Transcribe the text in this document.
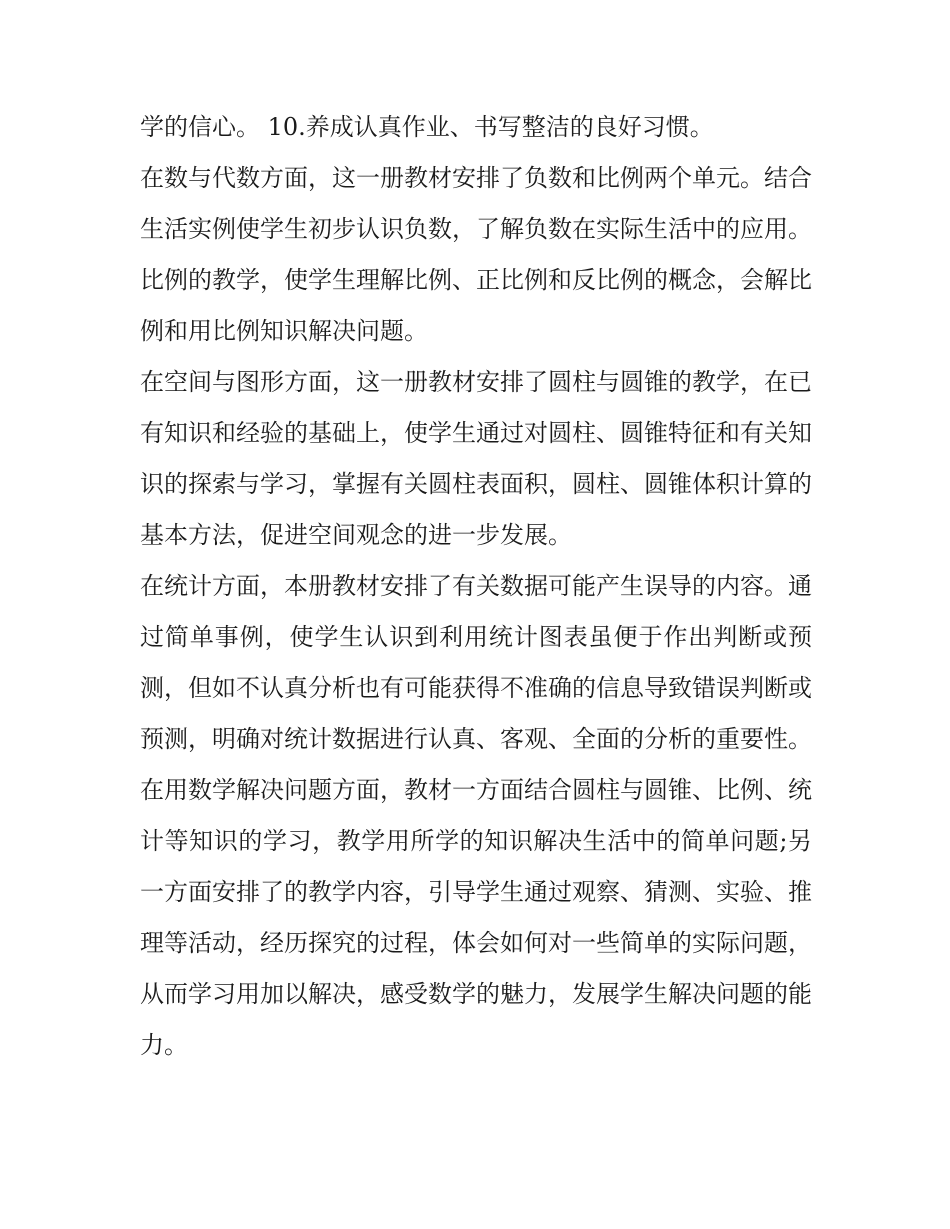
学的信心。 10.养成认真作业、书写整洁的良好习惯。

在数与代数方面，这一册教材安排了负数和比例两个单元。结合生活实例使学生初步认识负数，了解负数在实际生活中的应用。比例的教学，使学生理解比例、正比例和反比例的概念，会解比例和用比例知识解决问题。

在空间与图形方面，这一册教材安排了圆柱与圆锥的教学，在已有知识和经验的基础上，使学生通过对圆柱、圆锥特征和有关知识的探索与学习，掌握有关圆柱表面积，圆柱、圆锥体积计算的基本方法，促进空间观念的进一步发展。

在统计方面，本册教材安排了有关数据可能产生误导的内容。通过简单事例，使学生认识到利用统计图表虽便于作出判断或预测，但如不认真分析也有可能获得不准确的信息导致错误判断或预测，明确对统计数据进行认真、客观、全面的分析的重要性。

在用数学解决问题方面，教材一方面结合圆柱与圆锥、比例、统计等知识的学习，教学用所学的知识解决生活中的简单问题;另一方面安排了的教学内容，引导学生通过观察、猜测、实验、推理等活动，经历探究的过程，体会如何对一些简单的实际问题，从而学习用加以解决，感受数学的魅力，发展学生解决问题的能力。
